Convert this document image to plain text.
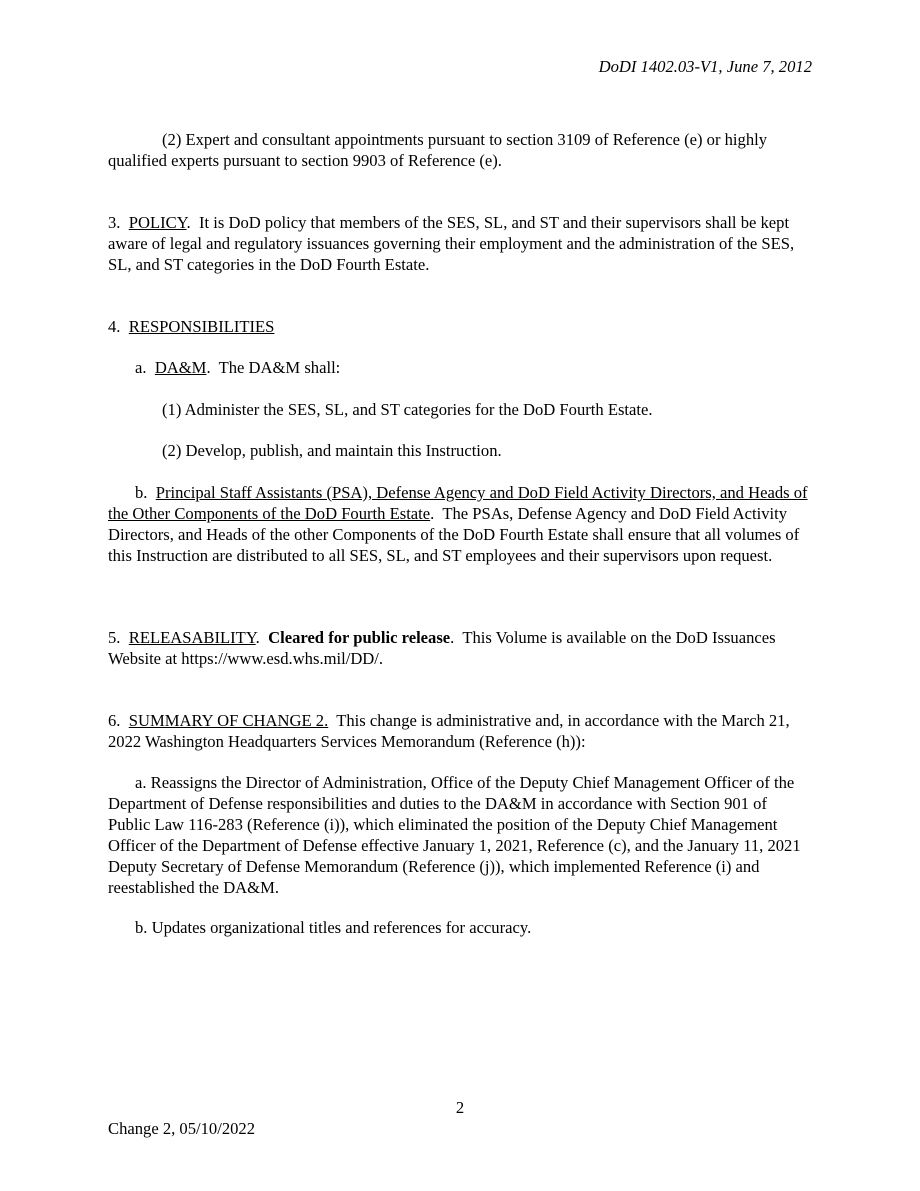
DoDI 1402.03-V1, June 7, 2012

(2) Expert and consultant appointments pursuant to section 3109 of Reference (e) or highly qualified experts pursuant to section 9903 of Reference (e).

3. POLICY.  It is DoD policy that members of the SES, SL, and ST and their supervisors shall be kept aware of legal and regulatory issuances governing their employment and the administration of the SES, SL, and ST categories in the DoD Fourth Estate.

4. RESPONSIBILITIES

a. DA&M.  The DA&M shall:

(1) Administer the SES, SL, and ST categories for the DoD Fourth Estate.

(2) Develop, publish, and maintain this Instruction.

b. Principal Staff Assistants (PSA), Defense Agency and DoD Field Activity Directors, and Heads of the Other Components of the DoD Fourth Estate.  The PSAs, Defense Agency and DoD Field Activity Directors, and Heads of the other Components of the DoD Fourth Estate shall ensure that all volumes of this Instruction are distributed to all SES, SL, and ST employees and their supervisors upon request.

5. RELEASABILITY.  Cleared for public release.  This Volume is available on the DoD Issuances Website at https://www.esd.whs.mil/DD/.

6. SUMMARY OF CHANGE 2. This change is administrative and, in accordance with the March 21, 2022 Washington Headquarters Services Memorandum (Reference (h)):

a. Reassigns the Director of Administration, Office of the Deputy Chief Management Officer of the Department of Defense responsibilities and duties to the DA&M in accordance with Section 901 of Public Law 116-283 (Reference (i)), which eliminated the position of the Deputy Chief Management Officer of the Department of Defense effective January 1, 2021, Reference (c), and the January 11, 2021 Deputy Secretary of Defense Memorandum (Reference (j)), which implemented Reference (i) and reestablished the DA&M.

b. Updates organizational titles and references for accuracy.

2
Change 2, 05/10/2022
